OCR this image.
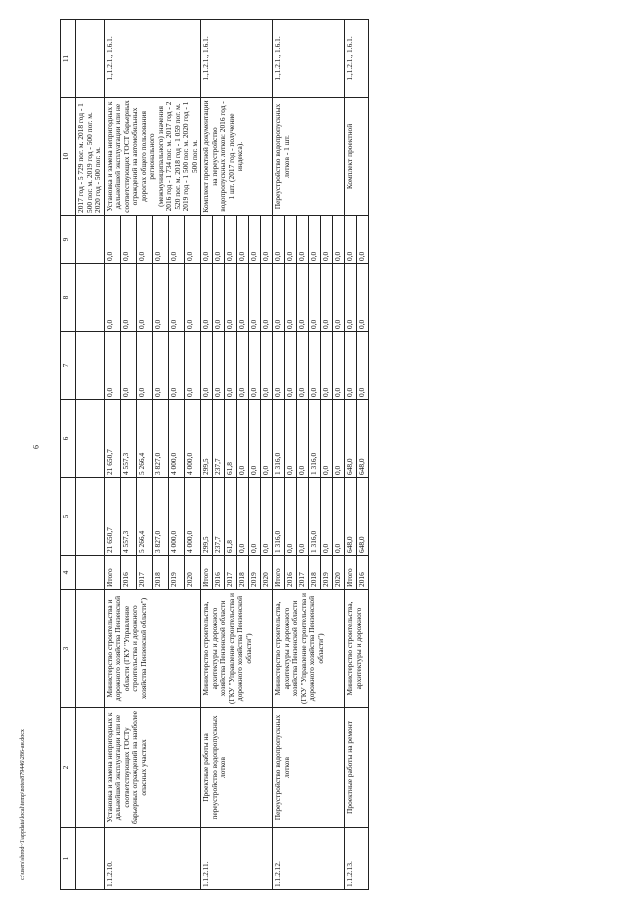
9
c:\users\sbrod~1\appdata\local\temp\notes879446\286-ан.docx	1	2	3	4	5	6	7	8	9	10	11
									2017 год - 5 729 пог. м. 2018 год - 1 500 пог. м. 2019 год - 500 пог. м. 2020 год - 500 пог. м.	
1.1.2.10.	Установка и замена непригодных к дальнейшей эксплуатации или не соответствующих ГОСТу барьерных ограждений на наиболее опасных участках	Министерство строительства и дорожного хозяйства Пензенской области (ГКУ "Управление строительства и дорожного хозяйства Пензенской области")	Итого	21 650,7	21 650,7	0,0	0,0	0,0	Установка и замена непригодных к дальнейшей эксплуатации или не соответствующих ГОСТ барьерных ограждений на автомобильных дорогах общего пользования регионального (межмуниципального) значения 2016 год - 1 734 пог. м. 2017 год - 2 520 пог. м. 2018 год - 1 059 пог. м. 2019 год - 1 500 пог. м. 2020 год - 1 500 пог. м.	1.,1.2.1., 1.6.1.
			2016	4 557,3	4 557,3	0,0	0,0	0,0		
			2017	5 266,4	5 266,4	0,0	0,0	0,0		
			2018	3 827,0	3 827,0	0,0	0,0	0,0		
			2019	4 000,0	4 000,0	0,0	0,0	0,0		
			2020	4 000,0	4 000,0	0,0	0,0	0,0		
1.1.2.11.	Проектные работы на переустройство водопропускных лотков	Министерство строительства, архитектуры и дорожного хозяйства Пензенской области (ГКУ "Управление строительства и дорожного хозяйства Пензенской области")	Итого	299,5	299,5	0,0	0,0	0,0	Комплект проектной документации на переустройство водопропускных лотков: 2016 год - 1 шт. (2017 год - получение индекса).	1.,1.2.1., 1.6.1.
			2016	237,7	237,7	0,0	0,0	0,0		
			2017	61,8	61,8	0,0	0,0	0,0		
			2018	0,0	0,0	0,0	0,0	0,0		
			2019	0,0	0,0	0,0	0,0	0,0		
			2020	0,0	0,0	0,0	0,0	0,0		
1.1.2.12.	Переустройство водопропускных лотков	Министерство строительства, архитектуры и дорожного хозяйства Пензенской области (ГКУ "Управление строительства и дорожного хозяйства Пензенской области")	Итого	1 316,0	1 316,0	0,0	0,0	0,0	Переустройство водопропускных лотков - 1 шт.	1.,1.2.1., 1.6.1.
			2016	0,0	0,0	0,0	0,0	0,0		
			2017	0,0	0,0	0,0	0,0	0,0		
			2018	1 316,0	1 316,0	0,0	0,0	0,0		
			2019	0,0	0,0	0,0	0,0	0,0		
			2020	0,0	0,0	0,0	0,0	0,0		
1.1.2.13.	Проектные работы на ремонт	Министерство строительства, архитектуры и дорожного	Итого	648,0	648,0	0,0	0,0	0,0	Комплект проектной	1.,1.2.1., 1.6.1.
			2016	648,0	648,0	0,0	0,0	0,0		
